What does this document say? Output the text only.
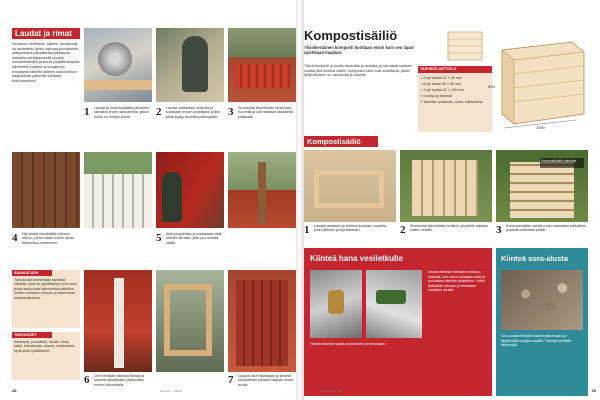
Laudat ja rimat
Sertaloon viereiseen, tullleen, laudasuoja on laudoitettu hirteä, kalvoaa huudistelelä säilytysseinä halkaisitulla pakkaavan aluksella valmistauksella ohuesti ulosvetettämällä ja seiniä ylhäältä alaspäin kiinnitettiin ohjelma sivunojalevyn mukaisesti kiinteän laitteen sekä kehikon sisäpuolisiin palkeihin sellaisen kokoonpanoon.
1	Laudat ja rimat sahataan pituuteen valmiiksi ennen kokoamista, jolloin runko on helppo koota.	2	Laudat maalataan ruiskulla ja kuivataan ennen kiinnitystä, jolloin pinta pysyy kauniina pidempään. 3	Sivulaudat kiinnitetään tukirimaan ruuveilla ja väli mitataan tasaiseksi kaikkialla.
4	Nyt laudat kiinnitetään toiseen sivuun, jolloin aidan muoto alkaa hahmottua selvemmin.	5	Aita pystytetään ja maalataan vielä toiseen kertaan, jotta puu kestää säätä.
SAHAUSTAPA
Tipa laudat kiinnitetään kahdella naulalla, joka on tyypillisempi kuin ruuvi jonka avulla saa rakennettua kaikkien kuvien mukaisen reunan ja paremman sorakalustuksen.
TARVIKKEET
Kantotuet, puusaheli, naulat, rimat, saha, kulmarauta, vasara, mittanauha, kynä sekä työkäsineet.
6	Ovet tehdään samalla tavalla ja saranat kiinnitetään yläreunaan ennen kokoamista.	7	Lopuksi aita maalataan ja kiinteät kannattimet tuetaan maahan soran avulla.
28	Tee itse · 7/2013
Kompostisäiliö
Yksinkertainen komposti koottaan ensin kuin sen laput upotetaan maahan.
Tämä komposti on koottu laudoista ja rimoista, ja sen kansi voidaan nostaa ylös huoltoa varten. Kompostin sivut ovat irrotettavia, jolloin tyhjentäminen on vaivatonta ja nopeaa.
TARVIKELUETTELO
• 4 kpl lautaa 22 × 95 mm
• 8 kpl rimaa 45 × 45 mm
• 1 kpl lautaa 22 × 100 mm
• ruuveja ja saranat
• Tarvetta: porakone, saha, mittanauha
1000
500
Kompostisäiliö
Kompostisäiliö valmiina
1	Laudat sahataan ja kehikko kootaan ruuveilla, jonka jälkeen pohja tasataan.	2	Sivulaudat kiinnitetään kehikon ympärille tasaisin välein ruuvein.	3	Kompostisäiliön valmis runko asetetaan paikalleen ja kansi nostetaan päälle.
Kiinteä hana vesiletkulle
Hanan kiinnitys vaatii porakoneen ja vesivaa'an.
Hanan kiinnitys seinään onnistuu helposti, kun ensin porataan reiät ja ruuvataan kiinnike paikalleen. Letku kytketään hanaan ja testataan vuotojen varalta.
Kiinteä sora-alusta
Sora-alusta tehdään kaivamalla maata ja täyttämällä kuoppa soralla. Tiivistys tehdään tärylevyllä.
29
www.teeitse.com
